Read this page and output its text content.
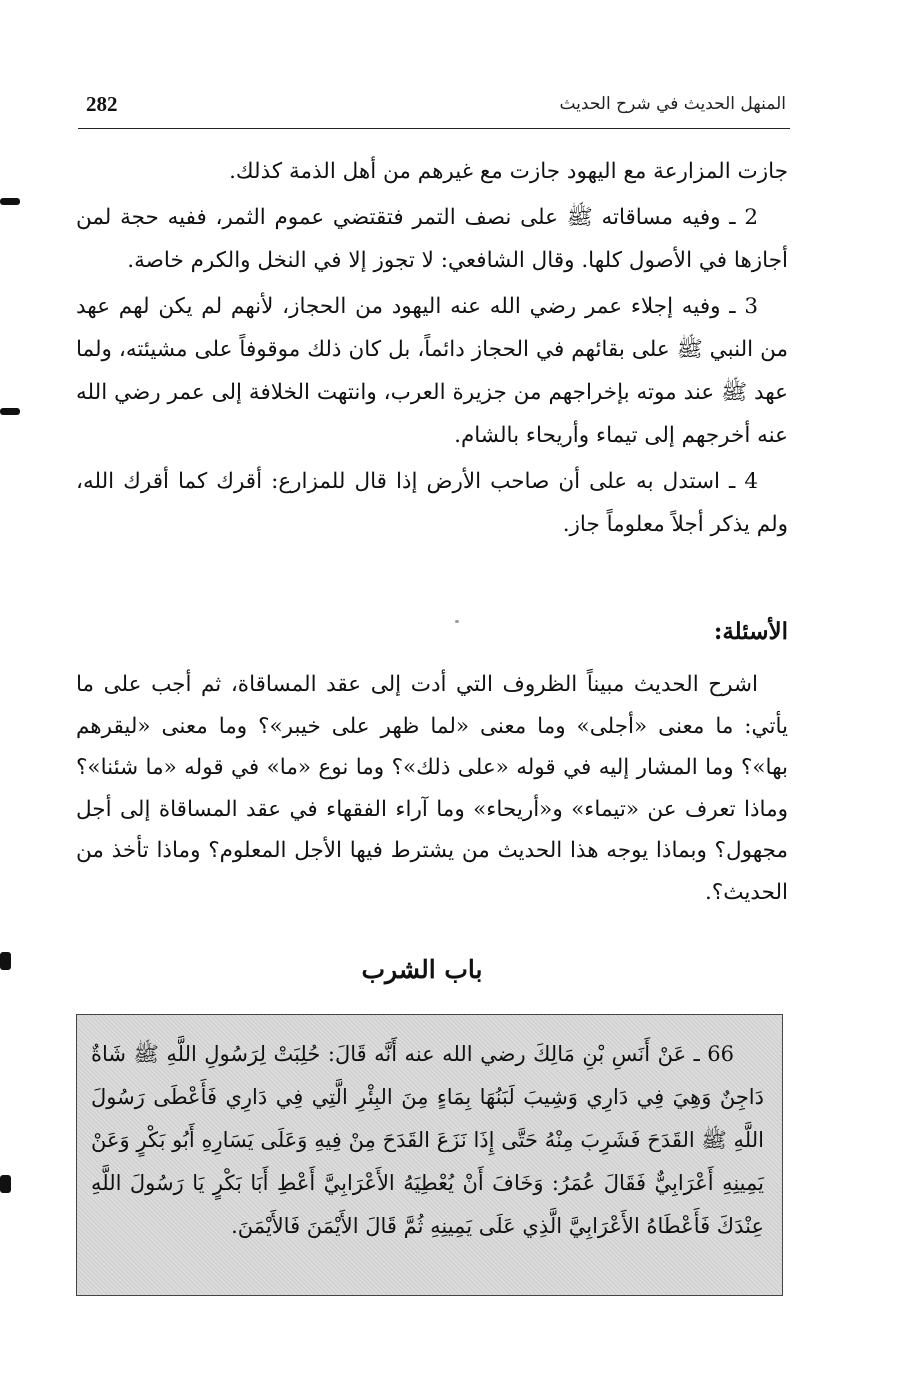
282	المنهل الحديث في شرح الحديث

جازت المزارعة مع اليهود جازت مع غيرهم من أهل الذمة كذلك.

2 ـ وفيه مساقاته ﷺ على نصف التمر فتقتضي عموم الثمر، ففيه حجة لمن أجازها في الأصول كلها. وقال الشافعي: لا تجوز إلا في النخل والكرم خاصة.

3 ـ وفيه إجلاء عمر رضي الله عنه اليهود من الحجاز، لأنهم لم يكن لهم عهد من النبي ﷺ على بقائهم في الحجاز دائماً، بل كان ذلك موقوفاً على مشيئته، ولما عهد ﷺ عند موته بإخراجهم من جزيرة العرب، وانتهت الخلافة إلى عمر رضي الله عنه أخرجهم إلى تيماء وأريحاء بالشام.

4 ـ استدل به على أن صاحب الأرض إذا قال للمزارع: أقرك كما أقرك الله، ولم يذكر أجلاً معلوماً جاز.

الأسئلة:

اشرح الحديث مبيناً الظروف التي أدت إلى عقد المساقاة، ثم أجب على ما يأتي: ما معنى «أجلى» وما معنى «لما ظهر على خيبر»؟ وما معنى «ليقرهم بها»؟ وما المشار إليه في قوله «على ذلك»؟ وما نوع «ما» في قوله «ما شئنا»؟ وماذا تعرف عن «تيماء» و«أريحاء» وما آراء الفقهاء في عقد المساقاة إلى أجل مجهول؟ وبماذا يوجه هذا الحديث من يشترط فيها الأجل المعلوم؟ وماذا تأخذ من الحديث؟.

باب الشرب

66 ـ عَنْ أَنَسِ بْنِ مَالِكَ رضي الله عنه أَنَّه قَالَ: حُلِبَتْ لِرَسُولِ اللَّهِ ﷺ شَاةٌ دَاجِنٌ وَهِيَ فِي دَارِي وَشِيبَ لَبَنُهَا بِمَاءٍ مِنَ البِئْرِ الَّتِي فِي دَارِي فَأَعْطَى رَسُولَ اللَّهِ ﷺ القَدَحَ فَشَرِبَ مِنْهُ حَتَّى إِذَا نَزَعَ القَدَحَ مِنْ فِيهِ وَعَلَى يَسَارِهِ أَبُو بَكْرٍ وَعَنْ يَمِينِهِ أَعْرَابِيٌّ فَقَالَ عُمَرُ: وَخَافَ أَنْ يُعْطِيَهُ الأَعْرَابِيَّ أَعْطِ أَبَا بَكْرٍ يَا رَسُولَ اللَّهِ عِنْدَكَ فَأَعْطَاهُ الأَعْرَابِيَّ الَّذِي عَلَى يَمِينِهِ ثُمَّ قَالَ الأَيْمَنَ فَالأَيْمَنَ.
